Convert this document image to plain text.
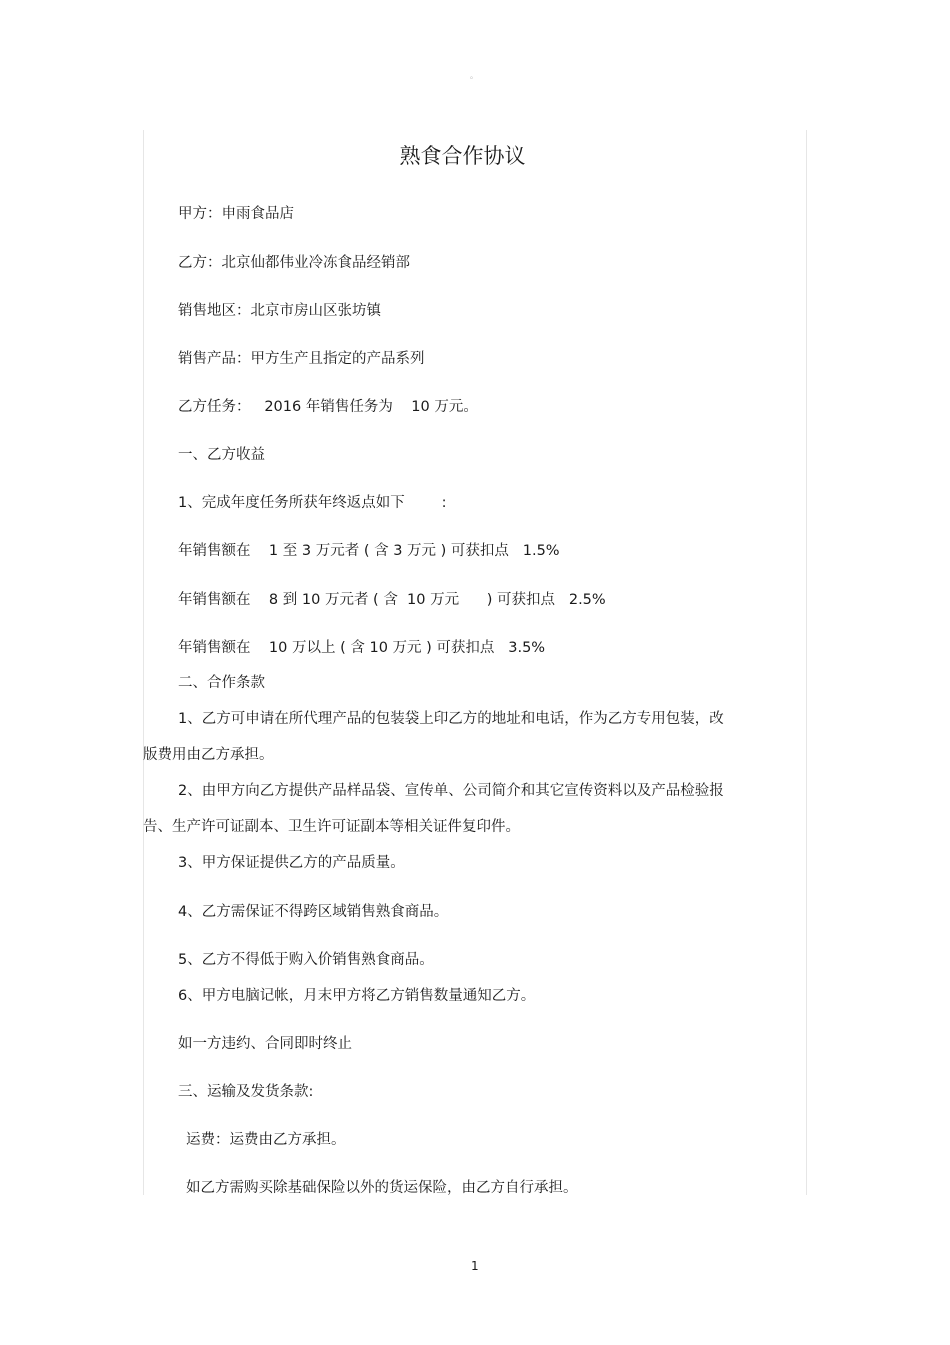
。
熟食合作协议
甲方：申雨食品店
乙方：北京仙都伟业冷冻食品经销部
销售地区：北京市房山区张坊镇
销售产品：甲方生产且指定的产品系列
乙方任务：   2016 年销售任务为    10 万元。
一、乙方收益
1、完成年度任务所获年终返点如下        :
年销售额在    1 至 3 万元者 ( 含 3 万元 ) 可获扣点   1.5%
年销售额在    8 到 10 万元者 ( 含  10 万元      ) 可获扣点   2.5%
年销售额在    10 万以上 ( 含 10 万元 ) 可获扣点   3.5%
二、合作条款
1、乙方可申请在所代理产品的包装袋上印乙方的地址和电话，作为乙方专用包装，改
版费用由乙方承担。
2、由甲方向乙方提供产品样品袋、宣传单、公司简介和其它宣传资料以及产品检验报
告、生产许可证副本、卫生许可证副本等相关证件复印件。
3、甲方保证提供乙方的产品质量。
4、乙方需保证不得跨区域销售熟食商品。
5、乙方不得低于购入价销售熟食商品。
6、甲方电脑记帐，月末甲方将乙方销售数量通知乙方。
如一方违约、合同即时终止
三、运输及发货条款:
运费：运费由乙方承担。
如乙方需购买除基础保险以外的货运保险，由乙方自行承担。
1
